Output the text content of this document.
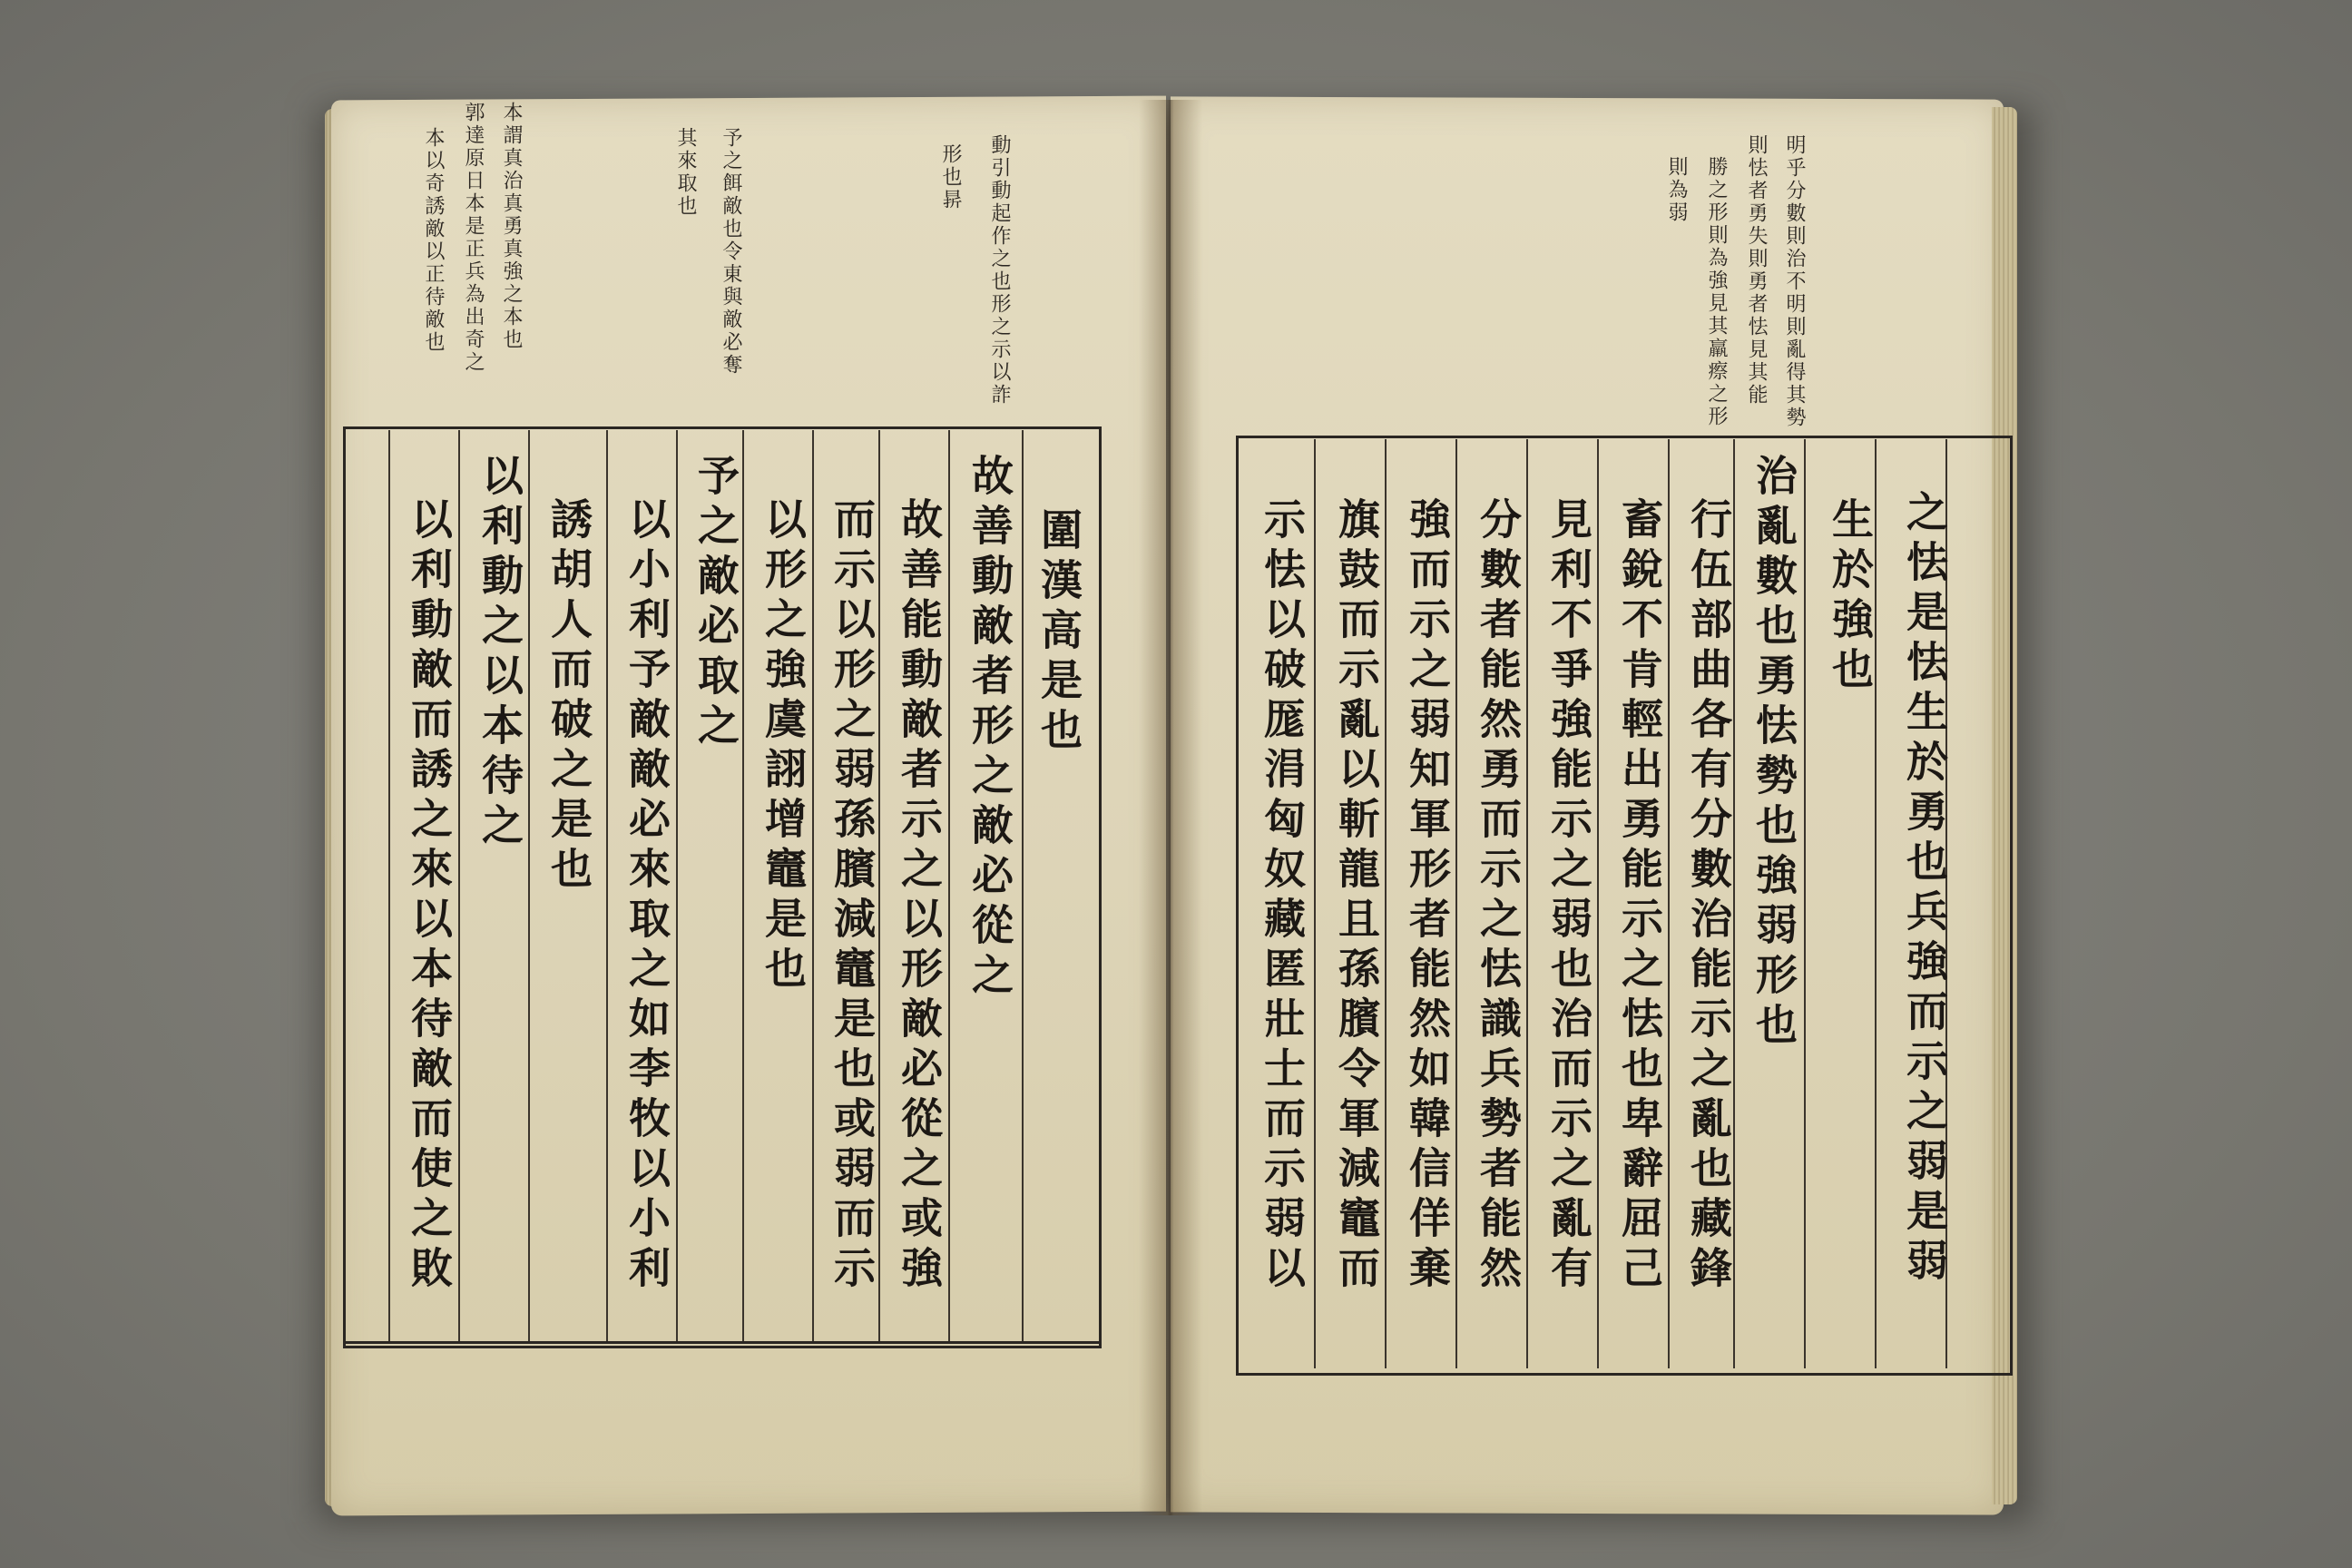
本謂真治真勇真強之本也
郭達原日本是正兵為出奇之
本以奇誘敵以正待敵也	予之餌敵也令東與敵必奪
其來取也	動引動起作之也形之示以詐
形也𣇄
圍漢高是也
故善動敵者形之敵必從之
故善能動敵者示之以形敵必從之或強
而示以形之弱孫臏減竈是也或弱而示
以形之強虞詡增竈是也
予之敵必取之
以小利予敵敵必來取之如李牧以小利
誘胡人而破之是也
以利動之以本待之
以利動敵而誘之來以本待敵而使之敗
明乎分數則治不明則亂得其勢
則怯者勇失則勇者怯見其能
勝之形則為強見其羸瘵之形
則為弱
之怯是怯生於勇也兵強而示之弱是弱
生於強也
治亂數也勇怯勢也強弱形也
行伍部曲各有分數治能示之亂也藏鋒
畜銳不肯輕出勇能示之怯也卑辭屈己
見利不爭強能示之弱也治而示之亂有
分數者能然勇而示之怯識兵勢者能然
強而示之弱知軍形者能然如韓信佯棄
旗鼓而示亂以斬龍且孫臏令軍減竈而
示怯以破厖涓匈奴藏匿壯士而示弱以
